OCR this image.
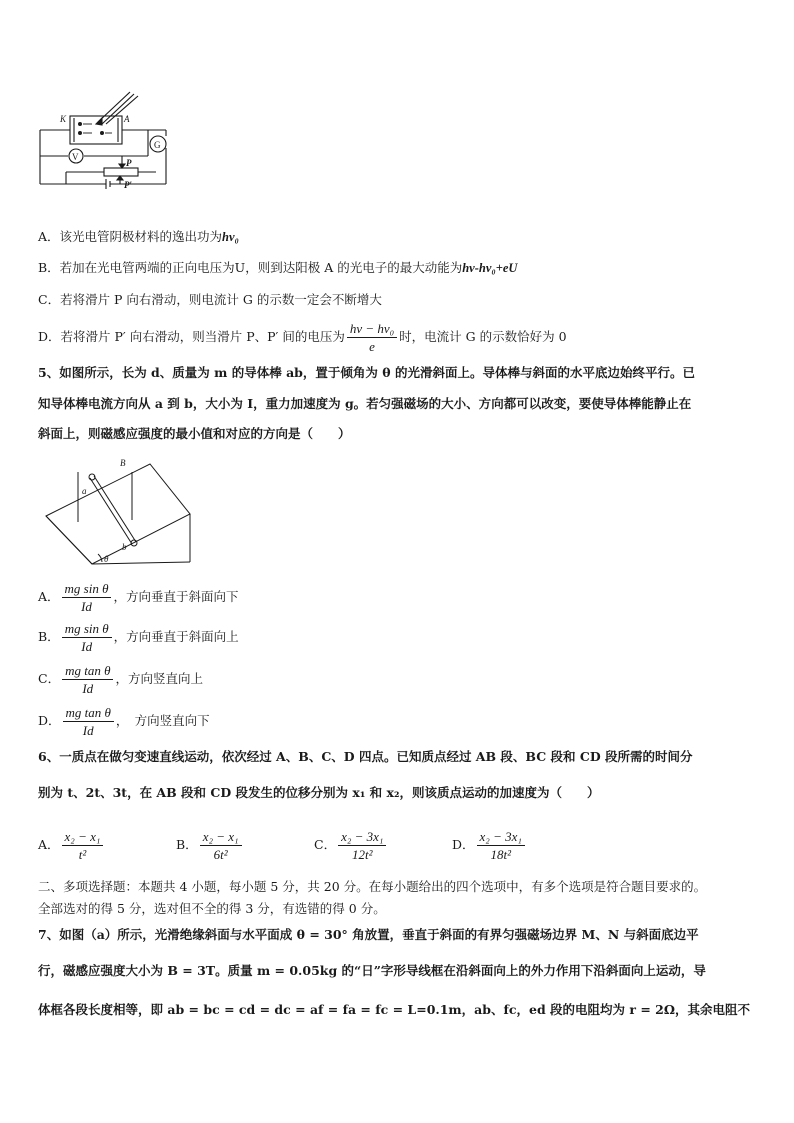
K	A
V
G
P
P′
A．该光电管阴极材料的逸出功为hν₀
B．若加在光电管两端的正向电压为U，则到达阳极 A 的光电子的最大动能为hν-hν₀+eU
C．若将滑片 P 向右滑动，则电流计 G 的示数一定会不断增大
D．若将滑片 P′ 向右滑动，则当滑片 P、P′ 间的电压为 $\frac{\text{hν − hν₀}}{e}$ 时，电流计 G 的示数恰好为 0
5、如图所示，长为 d、质量为 m 的导体棒 ab，置于倾角为 θ 的光滑斜面上。导体棒与斜面的水平底边始终平行。已
知导体棒电流方向从 a 到 b，大小为 I，重力加速度为 g。若匀强磁场的大小、方向都可以改变，要使导体棒能静止在
斜面上，则磁感应强度的最小值和对应的方向是（　　）
B
a
b
θ
A． $\frac{\text{mg sin θ}}{Id}$ ，方向垂直于斜面向下
B． $\frac{\text{mg sin θ}}{Id}$ ，方向垂直于斜面向上
C． $\frac{\text{mg tan θ}}{Id}$ ，方向竖直向上
D． $\frac{\text{mg tan θ}}{Id}$ ，　方向竖直向下
6、一质点在做匀变速直线运动，依次经过 A、B、C、D 四点。已知质点经过 AB 段、BC 段和 CD 段所需的时间分
别为 t、2t、3t，在 AB 段和 CD 段发生的位移分别为 x₁ 和 x₂，则该质点运动的加速度为（　　）
A． $\frac{\text{x₂ − x₁}}{\text{t²}}$	B． $\frac{\text{x₂ − x₁}}{\text{6t²}}$	C． $\frac{\text{x₂ − 3x₁}}{\text{12t²}}$	D． $\frac{\text{x₂ − 3x₁}}{\text{18t²}}$
二、多项选择题：本题共 4 小题，每小题 5 分，共 20 分。在每小题给出的四个选项中，有多个选项是符合题目要求的。
全部选对的得 5 分，选对但不全的得 3 分，有选错的得 0 分。
7、如图（a）所示，光滑绝缘斜面与水平面成 θ = 30° 角放置，垂直于斜面的有界匀强磁场边界 M、N 与斜面底边平
行，磁感应强度大小为 B = 3T。质量 m = 0.05kg 的“日”字形导线框在沿斜面向上的外力作用下沿斜面向上运动，导
体框各段长度相等，即 ab = bc = cd = dc = af = fa = fc = L=0.1m，ab、fc，ed 段的电阻均为 r = 2Ω，其余电阻不
